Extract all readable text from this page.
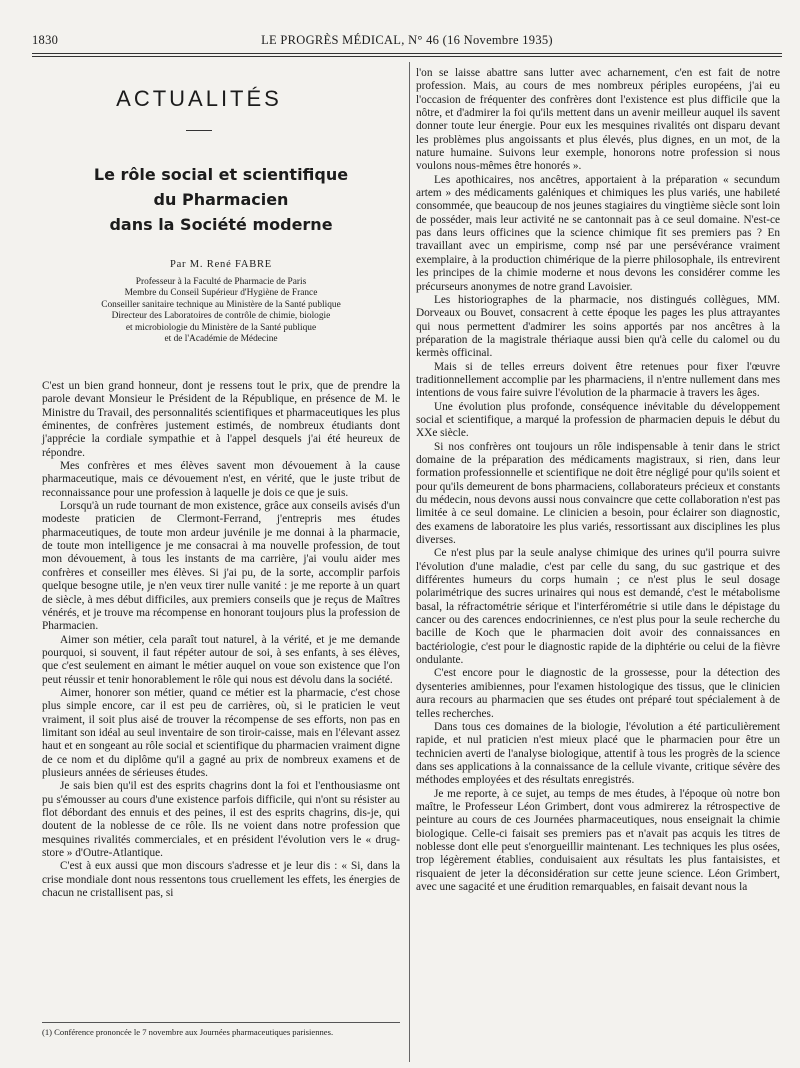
1830	LE PROGRÈS MÉDICAL, N° 46 (16 Novembre 1935)
ACTUALITÉS
Le rôle social et scientifique
du Pharmacien
dans la Société moderne
Par M. René FABRE
Professeur à la Faculté de Pharmacie de Paris
Membre du Conseil Supérieur d'Hygiène de France
Conseiller sanitaire technique au Ministère de la Santé publique
Directeur des Laboratoires de contrôle de chimie, biologie
et microbiologie du Ministère de la Santé publique
et de l'Académie de Médecine

C'est un bien grand honneur, dont je ressens tout le prix, que de prendre la parole devant Monsieur le Président de la République, en présence de M. le Ministre du Travail, des personnalités scientifiques et pharmaceutiques les plus éminentes, de confrères justement estimés, de nombreux étudiants dont j'apprécie la cordiale sympathie et à l'appel desquels j'ai été heureux de répondre.

Mes confrères et mes élèves savent mon dévouement à la cause pharmaceutique, mais ce dévouement n'est, en vérité, que le juste tribut de reconnaissance pour une profession à laquelle je dois ce que je suis.

Lorsqu'à un rude tournant de mon existence, grâce aux conseils avisés d'un modeste praticien de Clermont-Ferrand, j'entrepris mes études pharmaceutiques, de toute mon ardeur juvénile je me donnai à la pharmacie, de toute mon intelligence je me consacrai à ma nouvelle profession, de tout mon dévouement, à tous les instants de ma carrière, j'ai voulu aider mes confrères et conseiller mes élèves. Si j'ai pu, de la sorte, accomplir parfois quelque besogne utile, je n'en veux tirer nulle vanité : je me reporte à un quart de siècle, à mes début difficiles, aux premiers conseils que je reçus de Maîtres vénérés, et je trouve ma récompense en honorant toujours plus la profession de Pharmacien.

Aimer son métier, cela paraît tout naturel, à la vérité, et je me demande pourquoi, si souvent, il faut répéter autour de soi, à ses enfants, à ses élèves, que c'est seulement en aimant le métier auquel on voue son existence que l'on peut réussir et tenir honorablement le rôle qui nous est dévolu dans la société.

Aimer, honorer son métier, quand ce métier est la pharmacie, c'est chose plus simple encore, car il est peu de carrières, où, si le praticien le veut vraiment, il soit plus aisé de trouver la récompense de ses efforts, non pas en limitant son idéal au seul inventaire de son tiroir-caisse, mais en l'élevant assez haut et en songeant au rôle social et scientifique du pharmacien vraiment digne de ce nom et du diplôme qu'il a gagné au prix de nombreux examens et de plusieurs années de sérieuses études.

Je sais bien qu'il est des esprits chagrins dont la foi et l'enthousiasme ont pu s'émousser au cours d'une existence parfois difficile, qui n'ont su résister au flot débordant des ennuis et des peines, il est des esprits chagrins, dis-je, qui doutent de la noblesse de ce rôle. Ils ne voient dans notre profession que mesquines rivalités commerciales, et en président l'évolution vers le « drug-store » d'Outre-Atlantique.

C'est à eux aussi que mon discours s'adresse et je leur dis : « Si, dans la crise mondiale dont nous ressentons tous cruellement les effets, les énergies de chacun ne cristallisent pas, si

(1) Conférence prononcée le 7 novembre aux Journées pharmaceutiques parisiennes.

l'on se laisse abattre sans lutter avec acharnement, c'en est fait de notre profession. Mais, au cours de mes nombreux périples européens, j'ai eu l'occasion de fréquenter des confrères dont l'existence est plus difficile que la nôtre, et d'admirer la foi qu'ils mettent dans un avenir meilleur auquel ils savent donner toute leur énergie. Pour eux les mesquines rivalités ont disparu devant les problèmes plus angoissants et plus élevés, plus dignes, en un mot, de la nature humaine. Suivons leur exemple, honorons notre profession si nous voulons nous-mêmes être honorés ».

Les apothicaires, nos ancêtres, apportaient à la préparation « secundum artem » des médicaments galéniques et chimiques les plus variés, une habileté consommée, que beaucoup de nos jeunes stagiaires du vingtième siècle sont loin de posséder, mais leur activité ne se cantonnait pas à ce seul domaine. N'est-ce pas dans leurs officines que la science chimique fit ses premiers pas ? En travaillant avec un empirisme, comp nsé par une persévérance vraiment exemplaire, à la production chimérique de la pierre philosophale, ils entrevirent les principes de la chimie moderne et nous devons les considérer comme les précurseurs anonymes de notre grand Lavoisier.

Les historiographes de la pharmacie, nos distingués collègues, MM. Dorveaux ou Bouvet, consacrent à cette époque les pages les plus attrayantes qui nous permettent d'admirer les soins apportés par nos ancêtres à la préparation de la magistrale thériaque aussi bien qu'à celle du calomel ou du kermès officinal.

Mais si de telles erreurs doivent être retenues pour fixer l'œuvre traditionnellement accomplie par les pharmaciens, il n'entre nullement dans mes intentions de vous faire suivre l'évolution de la pharmacie à travers les âges.

Une évolution plus profonde, conséquence inévitable du développement social et scientifique, a marqué la profession de pharmacien depuis le début du XXe siècle.

Si nos confrères ont toujours un rôle indispensable à tenir dans le strict domaine de la préparation des médicaments magistraux, si rien, dans leur formation professionnelle et scientifique ne doit être négligé pour qu'ils soient et pour qu'ils demeurent de bons pharmaciens, collaborateurs précieux et constants du médecin, nous devons aussi nous convaincre que cette collaboration n'est pas limitée à ce seul domaine. Le clinicien a besoin, pour éclairer son diagnostic, des examens de laboratoire les plus variés, ressortissant aux disciplines les plus diverses.

Ce n'est plus par la seule analyse chimique des urines qu'il pourra suivre l'évolution d'une maladie, c'est par celle du sang, du suc gastrique et des différentes humeurs du corps humain ; ce n'est plus le seul dosage polarimétrique des sucres urinaires qui nous est demandé, c'est le métabolisme basal, la réfractométrie sérique et l'interférométrie si utile dans le dépistage du cancer ou des carences endocriniennes, ce n'est plus pour la seule recherche du bacille de Koch que le pharmacien doit avoir des connaissances en bactériologie, c'est pour le diagnostic rapide de la diphtérie ou celui de la fièvre ondulante.

C'est encore pour le diagnostic de la grossesse, pour la détection des dysenteries amibiennes, pour l'examen histologique des tissus, que le clinicien aura recours au pharmacien que ses études ont préparé tout spécialement à de telles recherches.

Dans tous ces domaines de la biologie, l'évolution a été particulièrement rapide, et nul praticien n'est mieux placé que le pharmacien pour être un technicien averti de l'analyse biologique, attentif à tous les progrès de la science dans ses applications à la connaissance de la cellule vivante, critique sévère des méthodes employées et des résultats enregistrés.

Je me reporte, à ce sujet, au temps de mes études, à l'époque où notre bon maître, le Professeur Léon Grimbert, dont vous admirerez la rétrospective de peinture au cours de ces Journées pharmaceutiques, nous enseignait la chimie biologique. Celle-ci faisait ses premiers pas et n'avait pas acquis les titres de noblesse dont elle peut s'enorgueillir maintenant. Les techniques les plus osées, trop légèrement établies, conduisaient aux résultats les plus fantaisistes, et risquaient de jeter la déconsidération sur cette jeune science. Léon Grimbert, avec une sagacité et une érudition remarquables, en faisait devant nous la
